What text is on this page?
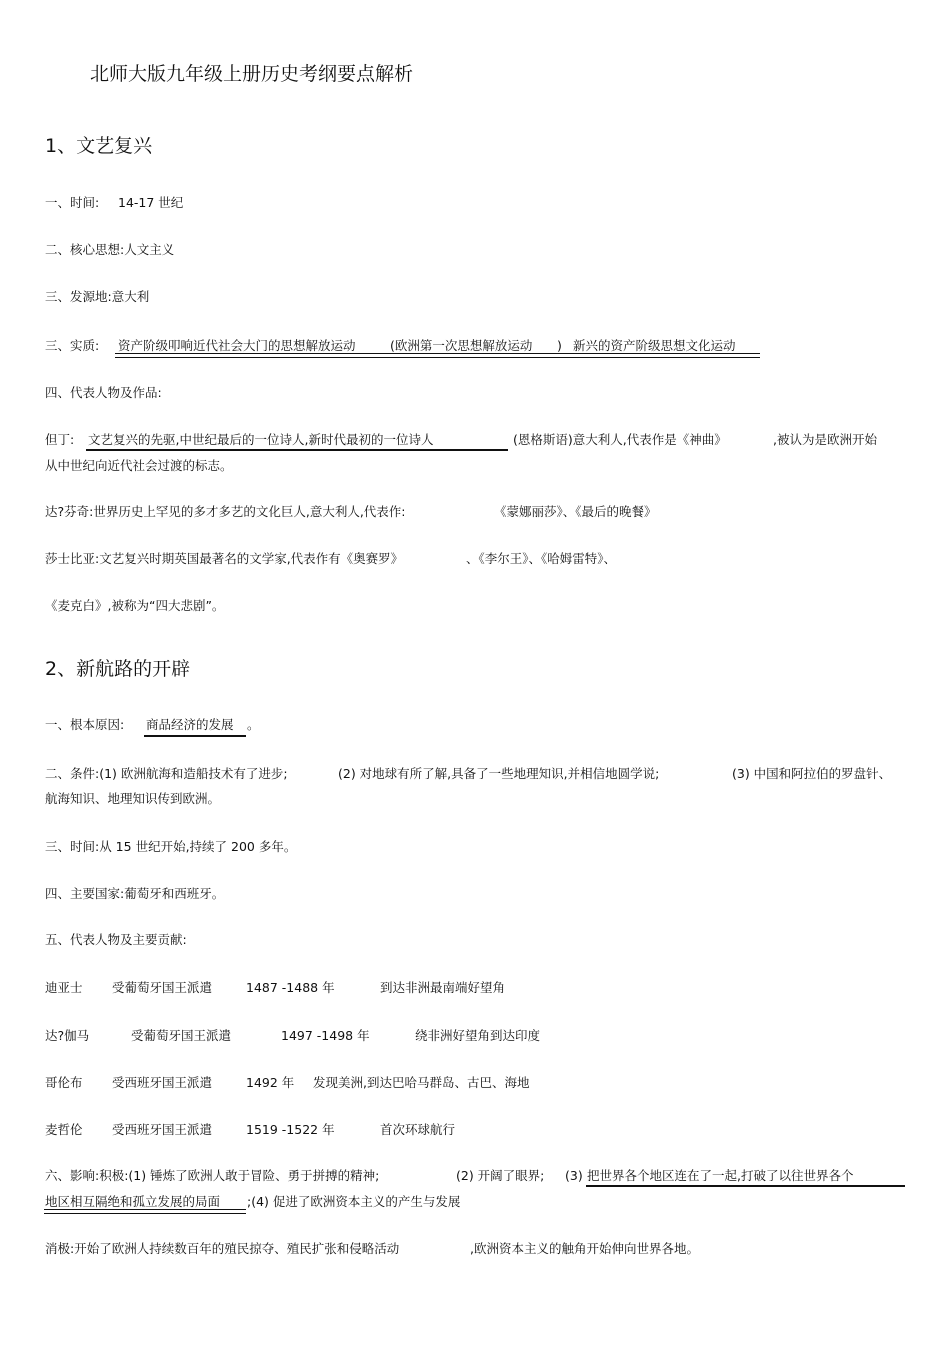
北师大版九年级上册历史考纲要点解析
1、文艺复兴
一、时间: 14-17 世纪
二、核心思想:人文主义
三、发源地:意大利
三、实质: 资产阶级叩响近代社会大门的思想解放运动	(欧洲第一次思想解放运动 ) 新兴的资产阶级思想文化运动
四、代表人物及作品:
但丁: 文艺复兴的先驱,中世纪最后的一位诗人,新时代最初的一位诗人	(恩格斯语)意大利人,代表作是《神曲》	,被认为是欧洲开始
从中世纪向近代社会过渡的标志。
达?芬奇:世界历史上罕见的多才多艺的文化巨人,意大利人,代表作:	《蒙娜丽莎》、《最后的晚餐》
莎士比亚:文艺复兴时期英国最著名的文学家,代表作有《奥赛罗》	、《李尔王》、《哈姆雷特》、
《麦克白》,被称为“四大悲剧”。
2、新航路的开辟
一、根本原因: 商品经济的发展 。
二、条件:(1) 欧洲航海和造船技术有了进步;	(2) 对地球有所了解,具备了一些地理知识,并相信地圆学说;	(3) 中国和阿拉伯的罗盘针、
航海知识、地理知识传到欧洲。
三、时间:从 15 世纪开始,持续了 200 多年。
四、主要国家:葡萄牙和西班牙。
五、代表人物及主要贡献:
迪亚士 受葡萄牙国王派遣	1487 -1488 年	到达非洲最南端好望角
达?伽马	受葡萄牙国王派遣	1497 -1498 年	绕非洲好望角到达印度
哥伦布 受西班牙国王派遣	1492 年 发现美洲,到达巴哈马群岛、古巴、海地
麦哲伦 受西班牙国王派遣	1519 -1522 年	首次环球航行
六、影响:积极:(1) 锤炼了欧洲人敢于冒险、勇于拼搏的精神;	(2) 开阔了眼界; (3) 把世界各个地区连在了一起,打破了以往世界各个
地区相互隔绝和孤立发展的局面 ;(4) 促进了欧洲资本主义的产生与发展
消极:开始了欧洲人持续数百年的殖民掠夺、殖民扩张和侵略活动	,欧洲资本主义的触角开始伸向世界各地。
